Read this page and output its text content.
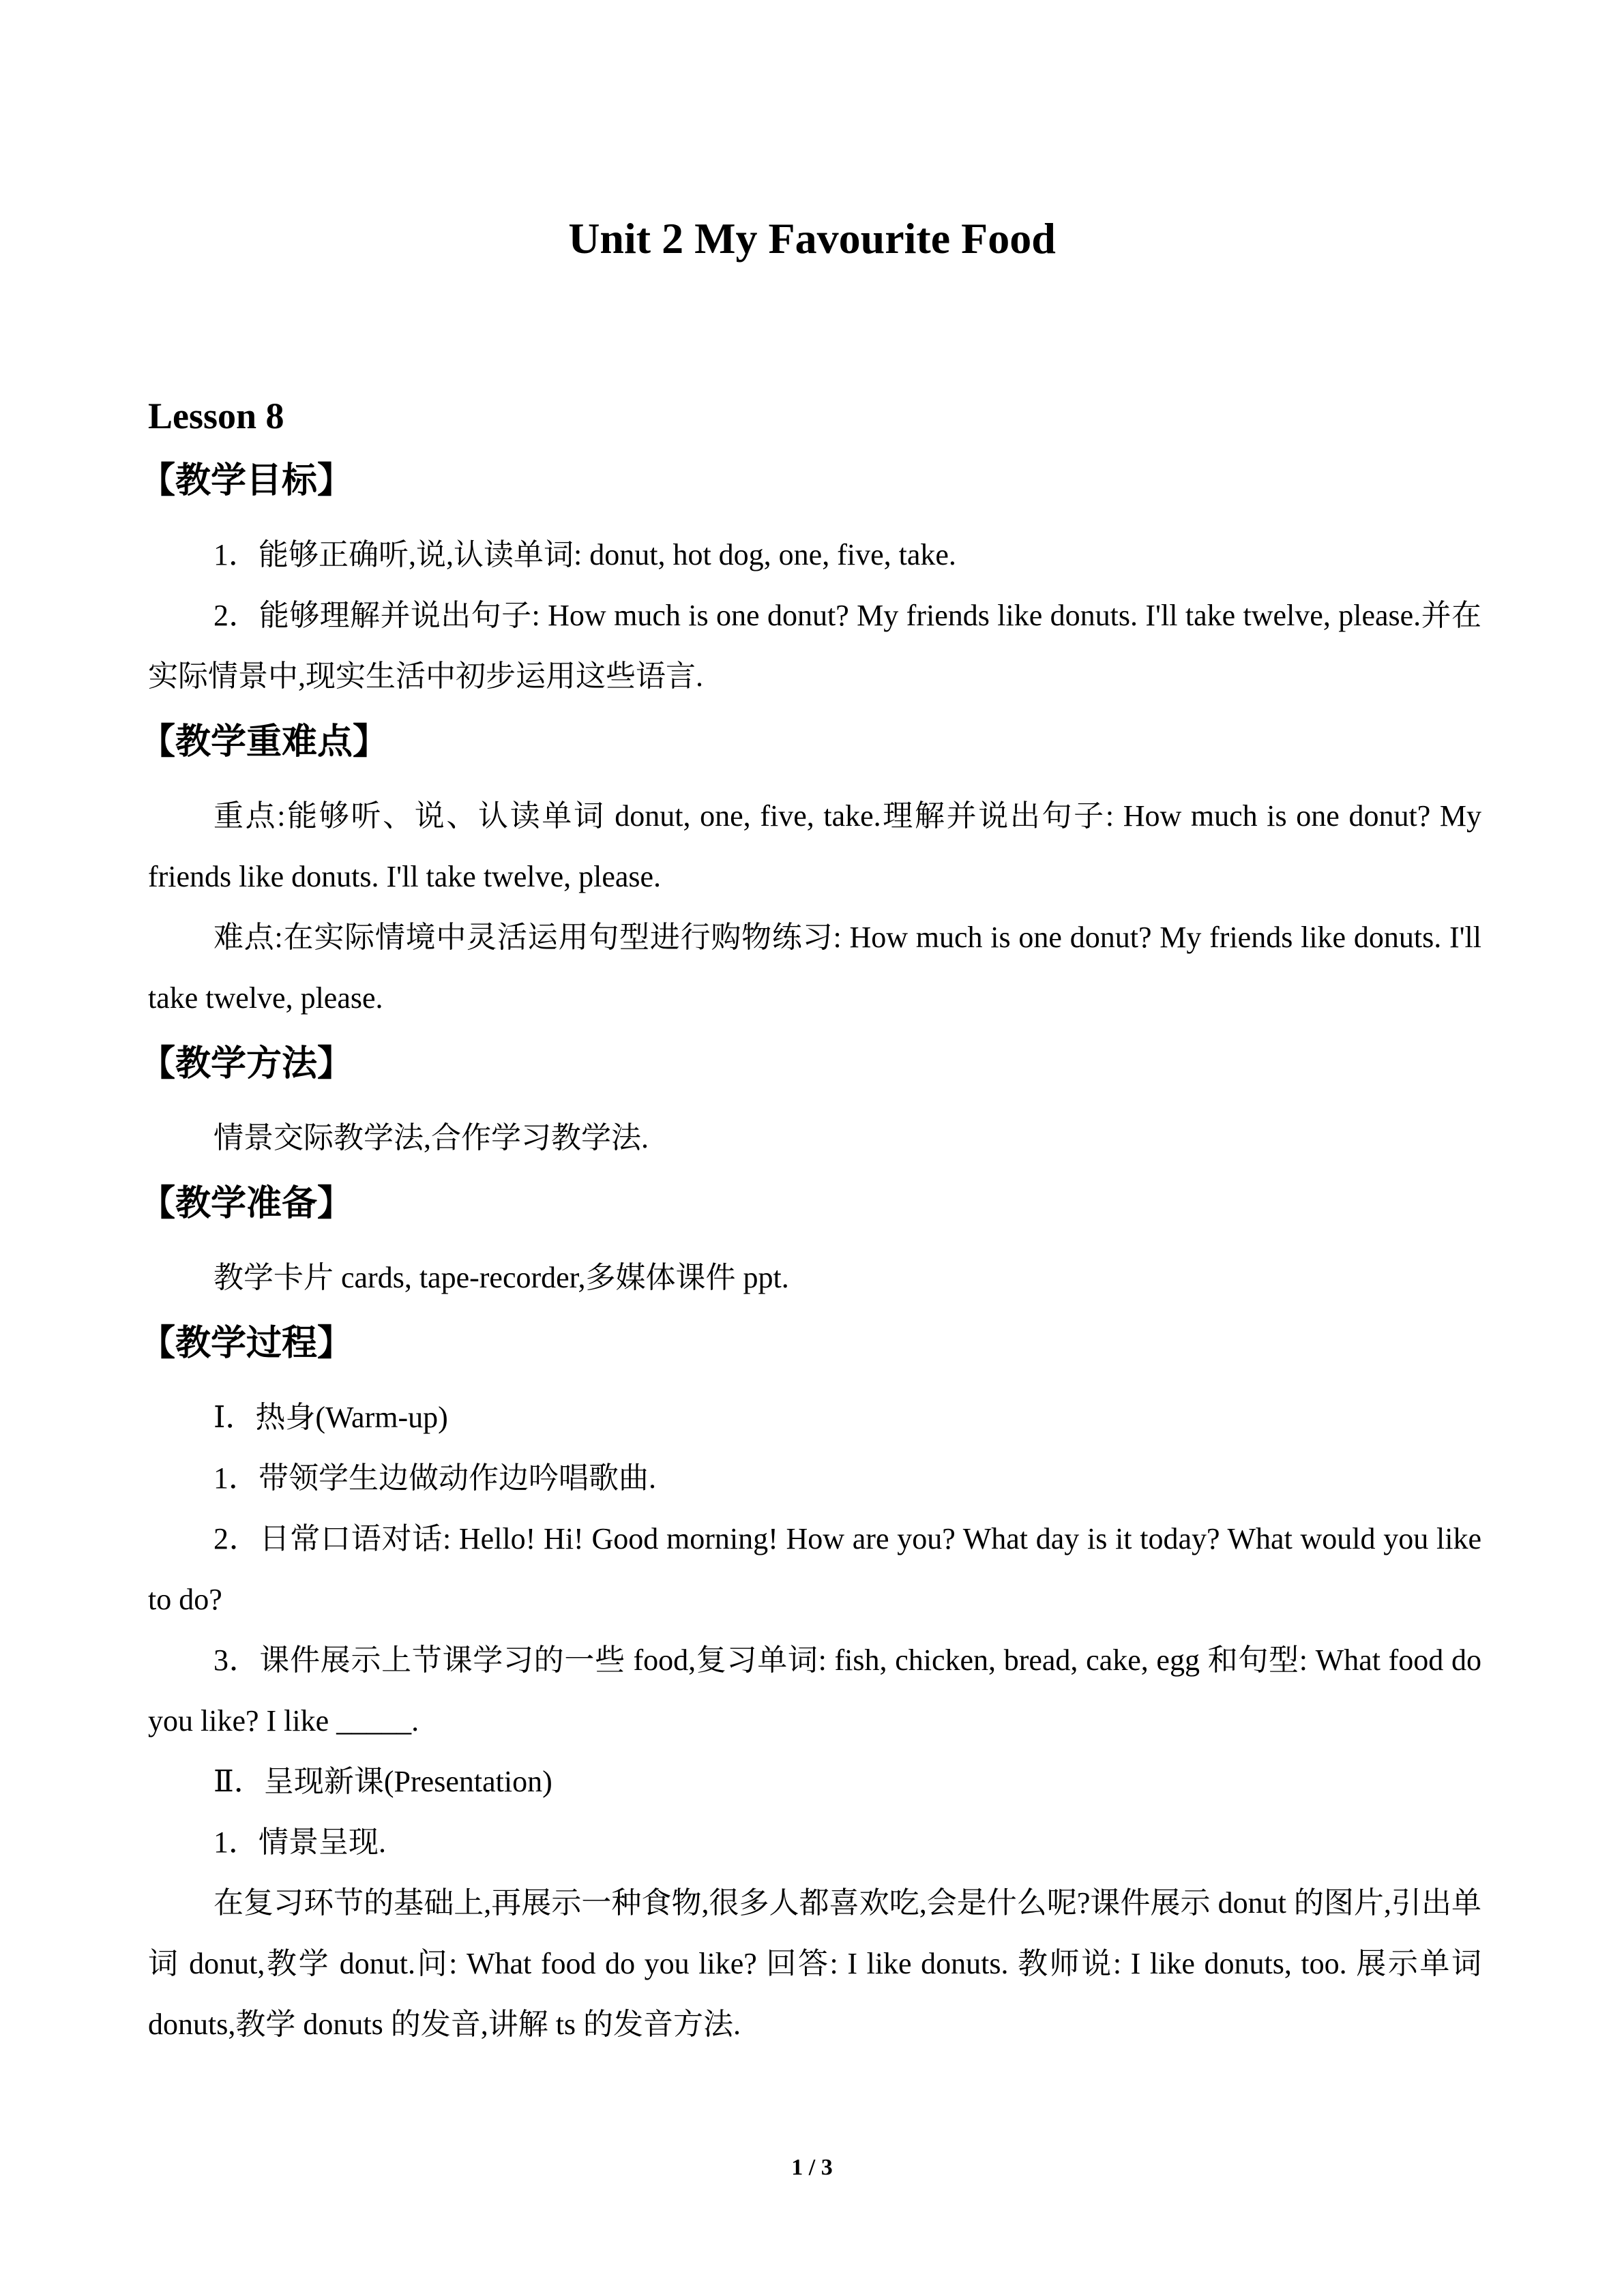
Unit 2 My Favourite Food
Lesson 8

【教学目标】

1．能够正确听,说,认读单词: donut, hot dog, one, five, take.

2．能够理解并说出句子: How much is one donut? My friends like donuts. I'll take twelve, please.并在实际情景中,现实生活中初步运用这些语言.

【教学重难点】

重点:能够听、说、认读单词 donut, one, five, take.理解并说出句子: How much is one donut? My friends like donuts. I'll take twelve, please.

难点:在实际情境中灵活运用句型进行购物练习: How much is one donut? My friends like donuts. I'll take twelve, please.

【教学方法】

情景交际教学法,合作学习教学法.

【教学准备】

教学卡片 cards, tape-recorder,多媒体课件 ppt.

【教学过程】

Ⅰ．热身(Warm-up)

1．带领学生边做动作边吟唱歌曲.

2．日常口语对话: Hello! Hi! Good morning! How are you? What day is it today? What would you like to do?

3．课件展示上节课学习的一些 food,复习单词: fish, chicken, bread, cake, egg 和句型: What food do you like? I like _____.

Ⅱ．呈现新课(Presentation)

1．情景呈现.

在复习环节的基础上,再展示一种食物,很多人都喜欢吃,会是什么呢?课件展示 donut 的图片,引出单词 donut,教学 donut.问: What food do you like? 回答: I like donuts. 教师说: I like donuts, too. 展示单词 donuts,教学 donuts 的发音,讲解 ts 的发音方法.

1 / 3
